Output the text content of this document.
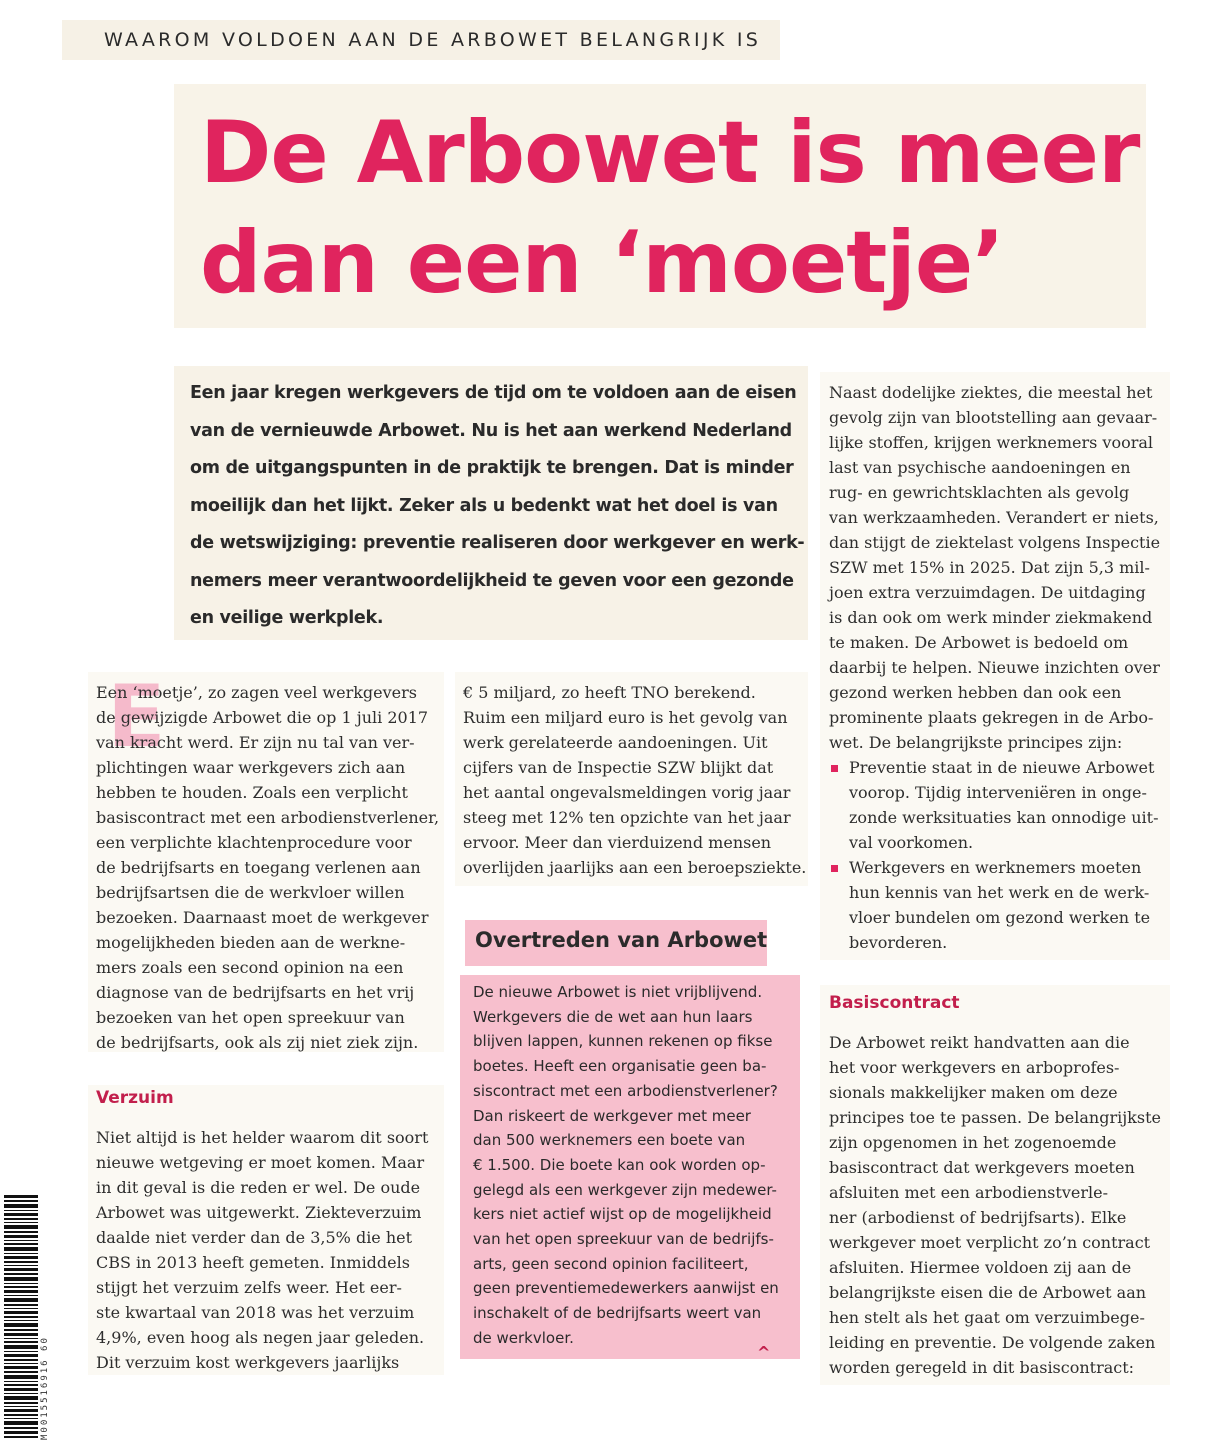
WAAROM VOLDOEN AAN DE ARBOWET BELANGRIJK IS
De Arbowet is meer
dan een ‘moetje’
Een jaar kregen werkgevers de tijd om te voldoen aan de eisen
van de vernieuwde Arbowet. Nu is het aan werkend Nederland
om de uitgangspunten in de praktijk te brengen. Dat is minder
moeilijk dan het lijkt. Zeker als u bedenkt wat het doel is van
de wetswijziging: preventie realiseren door werkgever en werk-
nemers meer verantwoordelijkheid te geven voor een gezonde
en veilige werkplek.
E
Een ‘moetje’, zo zagen veel werkgevers
de gewijzigde Arbowet die op 1 juli 2017
van kracht werd. Er zijn nu tal van ver-
plichtingen waar werkgevers zich aan
hebben te houden. Zoals een verplicht
basiscontract met een arbodienstverlener,
een verplichte klachtenprocedure voor
de bedrijfsarts en toegang verlenen aan
bedrijfsartsen die de werkvloer willen
bezoeken. Daarnaast moet de werkgever
mogelijkheden bieden aan de werkne-
mers zoals een second opinion na een
diagnose van de bedrijfsarts en het vrij
bezoeken van het open spreekuur van
de bedrijfsarts, ook als zij niet ziek zijn.
Verzuim
Niet altijd is het helder waarom dit soort
nieuwe wetgeving er moet komen. Maar
in dit geval is die reden er wel. De oude
Arbowet was uitgewerkt. Ziekteverzuim
daalde niet verder dan de 3,5% die het
CBS in 2013 heeft gemeten. Inmiddels
stijgt het verzuim zelfs weer. Het eer-
ste kwartaal van 2018 was het verzuim
4,9%, even hoog als negen jaar geleden.
Dit verzuim kost werkgevers jaarlijks
€ 5 miljard, zo heeft TNO berekend.
Ruim een miljard euro is het gevolg van
werk gerelateerde aandoeningen. Uit
cijfers van de Inspectie SZW blijkt dat
het aantal ongevalsmeldingen vorig jaar
steeg met 12% ten opzichte van het jaar
ervoor. Meer dan vierduizend mensen
overlijden jaarlijks aan een beroepsziekte.
Overtreden van Arbowet
De nieuwe Arbowet is niet vrijblijvend.
Werkgevers die de wet aan hun laars
blijven lappen, kunnen rekenen op fikse
boetes. Heeft een organisatie geen ba-
siscontract met een arbodienstverlener?
Dan riskeert de werkgever met meer
dan 500 werknemers een boete van
€ 1.500. Die boete kan ook worden op-
gelegd als een werkgever zijn medewer-
kers niet actief wijst op de mogelijkheid
van het open spreekuur van de bedrijfs-
arts, geen second opinion faciliteert,
geen preventiemedewerkers aanwijst en
inschakelt of de bedrijfsarts weert van
de werkvloer.
^
Naast dodelijke ziektes, die meestal het
gevolg zijn van blootstelling aan gevaar-
lijke stoffen, krijgen werknemers vooral
last van psychische aandoeningen en
rug- en gewrichtsklachten als gevolg
van werkzaamheden. Verandert er niets,
dan stijgt de ziektelast volgens Inspectie
SZW met 15% in 2025. Dat zijn 5,3 mil-
joen extra verzuimdagen. De uitdaging
is dan ook om werk minder ziekmakend
te maken. De Arbowet is bedoeld om
daarbij te helpen. Nieuwe inzichten over
gezond werken hebben dan ook een
prominente plaats gekregen in de Arbo-
wet. De belangrijkste principes zijn:
Preventie staat in de nieuwe Arbowet
voorop. Tijdig interveniëren in onge-
zonde werksituaties kan onnodige uit-
val voorkomen.
Werkgevers en werknemers moeten
hun kennis van het werk en de werk-
vloer bundelen om gezond werken te
bevorderen.
Basiscontract
De Arbowet reikt handvatten aan die
het voor werkgevers en arboprofes-
sionals makkelijker maken om deze
principes toe te passen. De belangrijkste
zijn opgenomen in het zogenoemde
basiscontract dat werkgevers moeten
afsluiten met een arbodienstverle-
ner (arbodienst of bedrijfsarts). Elke
werkgever moet verplicht zo’n contract
afsluiten. Hiermee voldoen zij aan de
belangrijkste eisen die de Arbowet aan
hen stelt als het gaat om verzuimbege-
leiding en preventie. De volgende zaken
worden geregeld in dit basiscontract:
M0015516916 60
